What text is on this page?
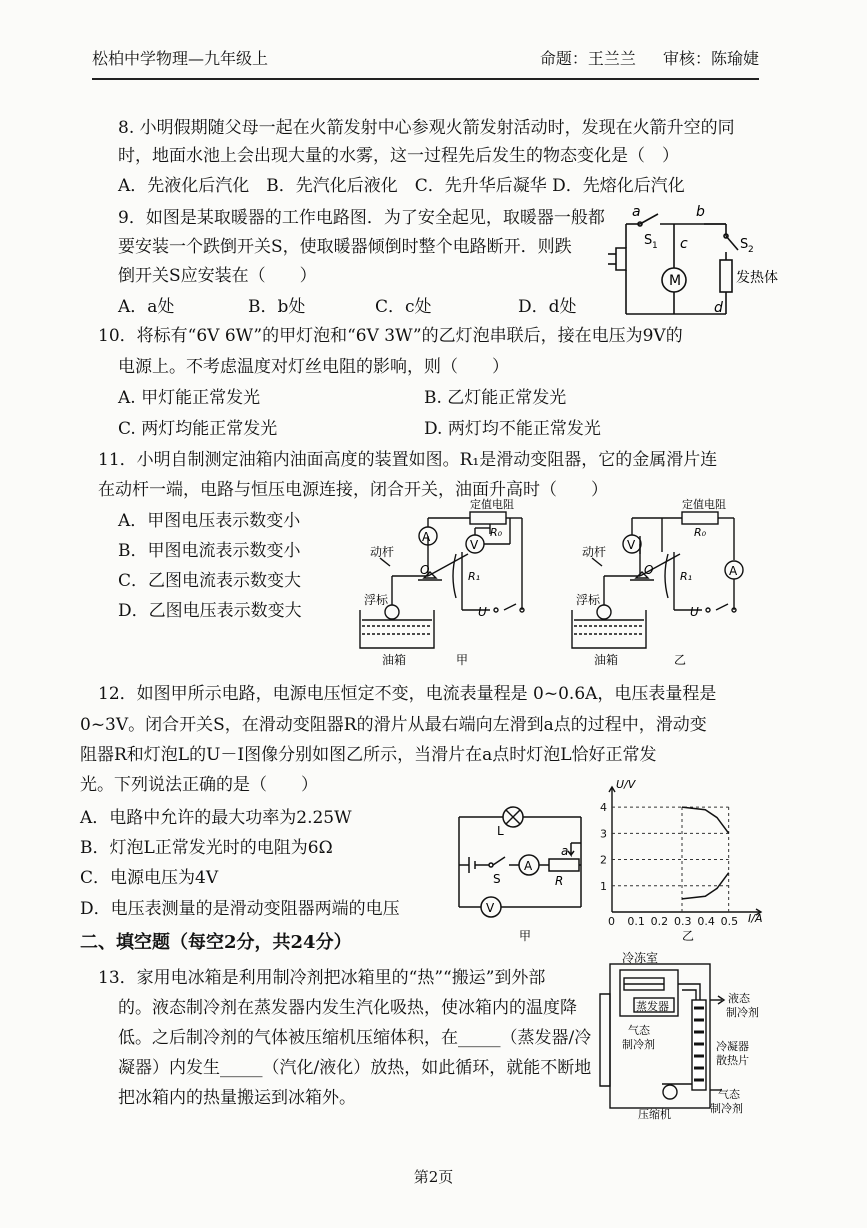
松柏中学物理—九年级上	命题：王兰兰 审核：陈瑜婕
8. 小明假期随父母一起在火箭发射中心参观火箭发射活动时，发现在火箭升空的同
时，地面水池上会出现大量的水雾，这一过程先后发生的物态变化是（　）
A．先液化后汽化　B．先汽化后液化　C．先升华后凝华 D．先熔化后汽化
9．如图是某取暖器的工作电路图．为了安全起见，取暖器一般都
要安装一个跌倒开关S，使取暖器倾倒时整个电路断开．则跌
倒开关S应安装在（　　）
A．a处	B．b处	C．c处	D．d处
a	b
c
d
S 1	S 2
M	发热体
10．将标有“6V 6W”的甲灯泡和“6V 3W”的乙灯泡串联后，接在电压为9V的
电源上。不考虑温度对灯丝电阻的影响，则（　　）
A. 甲灯能正常发光	B. 乙灯能正常发光
C. 两灯均能正常发光	D. 两灯均不能正常发光
11．小明自制测定油箱内油面高度的装置如图。R₁是滑动变阻器，它的金属滑片连
在动杆一端，电路与恒压电源连接，闭合开关，油面升高时（　　）
A．甲图电压表示数变小
B．甲图电流表示数变小
C．乙图电流表示数变大
D．乙图电压表示数变大
A
V
定值电阻
R₀
动杆
O	R₁
浮标
U
油箱	甲
V
A
定值电阻
R₀
动杆
O R₁
浮标
U
油箱	乙
12．如图甲所示电路，电源电压恒定不变，电流表量程是 0~0.6A，电压表量程是
0~3V。闭合开关S，在滑动变阻器R的滑片从最右端向左滑到a点的过程中，滑动变
阻器R和灯泡L的U－I图像分别如图乙所示，当滑片在a点时灯泡L恰好正常发
光。下列说法正确的是（　　）
A．电路中允许的最大功率为2.25W
B．灯泡L正常发光时的电阻为6Ω
C．电源电压为4V
D．电压表测量的是滑动变阻器两端的电压
L
S
A
a
R
V
甲
0 0.1 0.2 0.3 0.4 0.5
1
2
3
4
U/V
I/A
乙
二、填空题（每空2分，共24分）
13．家用电冰箱是利用制冷剂把冰箱里的“热”“搬运”到外部
的。液态制冷剂在蒸发器内发生汽化吸热，使冰箱内的温度降
低。之后制冷剂的气体被压缩机压缩体积，在_____（蒸发器/冷
凝器）内发生_____（汽化/液化）放热，如此循环，就能不断地
把冰箱内的热量搬运到冰箱外。
冷冻室
蒸发器
气态 制冷剂
液态 制冷剂
冷凝器 散热片
压缩机
气态 制冷剂
第2页
